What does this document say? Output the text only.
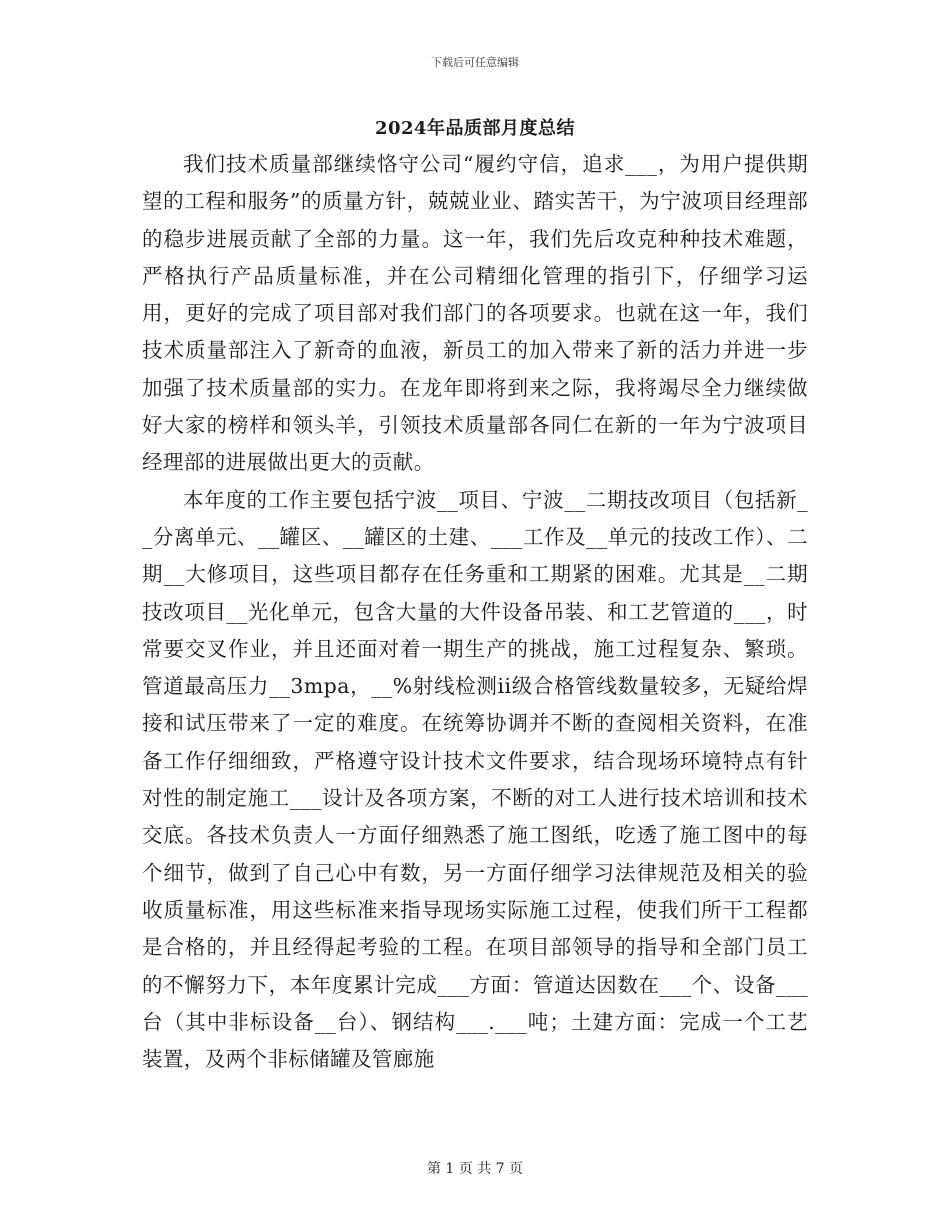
下载后可任意编辑
2024年品质部月度总结

我们技术质量部继续恪守公司“履约守信，追求___，为用户提供期望的工程和服务”的质量方针，兢兢业业、踏实苦干，为宁波项目经理部的稳步进展贡献了全部的力量。这一年，我们先后攻克种种技术难题，严格执行产品质量标准，并在公司精细化管理的指引下，仔细学习运用，更好的完成了项目部对我们部门的各项要求。也就在这一年，我们技术质量部注入了新奇的血液，新员工的加入带来了新的活力并进一步加强了技术质量部的实力。在龙年即将到来之际，我将竭尽全力继续做好大家的榜样和领头羊，引领技术质量部各同仁在新的一年为宁波项目经理部的进展做出更大的贡献。

本年度的工作主要包括宁波__项目、宁波__二期技改项目（包括新__分离单元、__罐区、__罐区的土建、___工作及__单元的技改工作）、二期__大修项目，这些项目都存在任务重和工期紧的困难。尤其是__二期技改项目__光化单元，包含大量的大件设备吊装、和工艺管道的___，时常要交叉作业，并且还面对着一期生产的挑战，施工过程复杂、繁琐。管道最高压力__3mpa，__%射线检测ii级合格管线数量较多，无疑给焊接和试压带来了一定的难度。在统筹协调并不断的查阅相关资料，在准备工作仔细细致，严格遵守设计技术文件要求，结合现场环境特点有针对性的制定施工___设计及各项方案，不断的对工人进行技术培训和技术交底。各技术负责人一方面仔细熟悉了施工图纸，吃透了施工图中的每个细节，做到了自己心中有数，另一方面仔细学习法律规范及相关的验收质量标准，用这些标准来指导现场实际施工过程，使我们所干工程都是合格的，并且经得起考验的工程。在项目部领导的指导和全部门员工的不懈努力下，本年度累计完成___方面：管道达因数在___个、设备___台（其中非标设备__台）、钢结构___.___吨；土建方面：完成一个工艺装置，及两个非标储罐及管廊施

第 1 页 共 7 页
